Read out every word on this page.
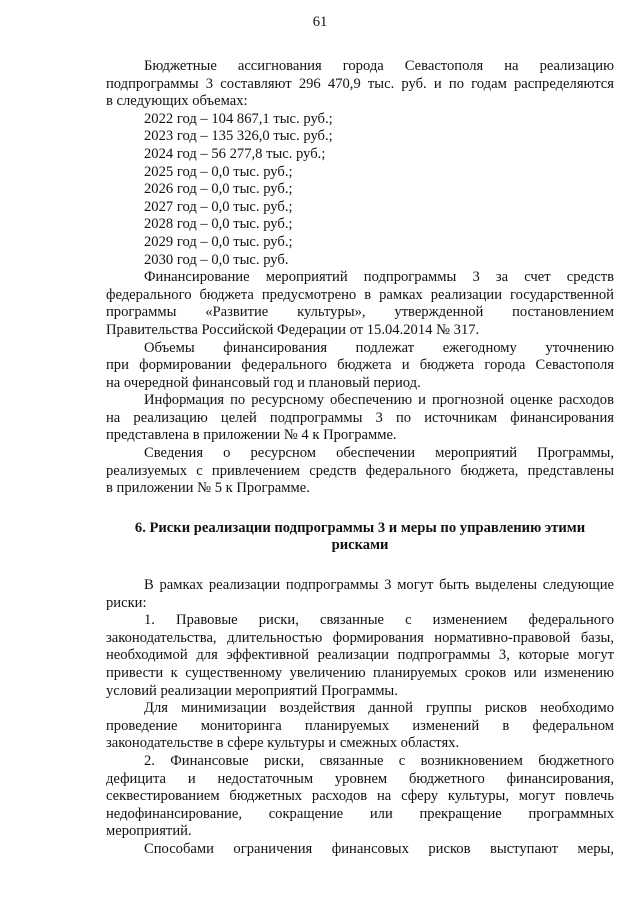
61

Бюджетные ассигнования города Севастополя на реализацию

подпрограммы 3 составляют 296 470,9 тыс. руб. и по годам распределяются

в следующих объемах:

2022 год – 104 867,1 тыс. руб.;

2023 год – 135 326,0 тыс. руб.;

2024 год – 56 277,8 тыс. руб.;

2025 год – 0,0 тыс. руб.;

2026 год – 0,0 тыс. руб.;

2027 год – 0,0 тыс. руб.;

2028 год – 0,0 тыс. руб.;

2029 год – 0,0 тыс. руб.;

2030 год – 0,0 тыс. руб.

Финансирование мероприятий подпрограммы 3 за счет средств

федерального бюджета предусмотрено в рамках реализации государственной

программы «Развитие культуры», утвержденной постановлением

Правительства Российской Федерации от 15.04.2014 № 317.

Объемы финансирования подлежат ежегодному уточнению

при формировании федерального бюджета и бюджета города Севастополя

на очередной финансовый год и плановый период.

Информация по ресурсному обеспечению и прогнозной оценке расходов

на реализацию целей подпрограммы 3 по источникам финансирования

представлена в приложении № 4 к Программе.

Сведения о ресурсном обеспечении мероприятий Программы,

реализуемых с привлечением средств федерального бюджета, представлены

в приложении № 5 к Программе.

6. Риски реализации подпрограммы 3 и меры по управлению этими

рисками

В рамках реализации подпрограммы 3 могут быть выделены следующие

риски:

1. Правовые риски, связанные с изменением федерального

законодательства, длительностью формирования нормативно-правовой базы,

необходимой для эффективной реализации подпрограммы 3, которые могут

привести к существенному увеличению планируемых сроков или изменению

условий реализации мероприятий Программы.

Для минимизации воздействия данной группы рисков необходимо

проведение мониторинга планируемых изменений в федеральном

законодательстве в сфере культуры и смежных областях.

2. Финансовые риски, связанные с возникновением бюджетного

дефицита и недостаточным уровнем бюджетного финансирования,

секвестированием бюджетных расходов на сферу культуры, могут повлечь

недофинансирование, сокращение или прекращение программных

мероприятий.

Способами ограничения финансовых рисков выступают меры,
